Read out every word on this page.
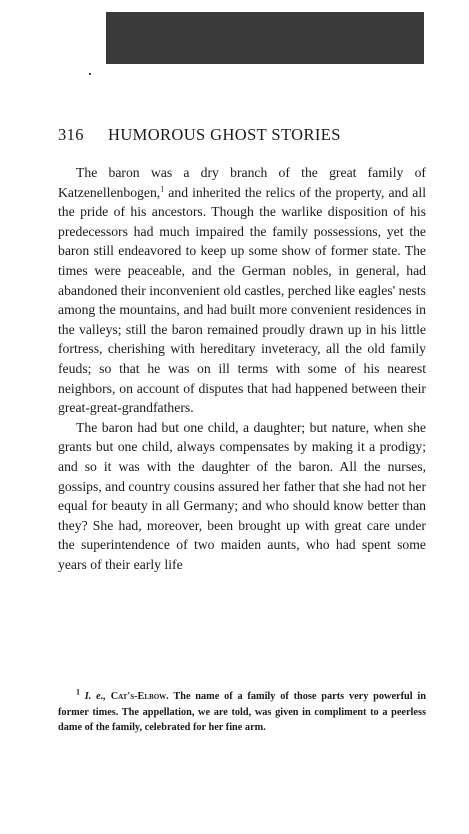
316 HUMOROUS GHOST STORIES

The baron was a dry branch of the great family of Katzenellenbogen,$^1$ and inherited the relics of the property, and all the pride of his ancestors. Though the warlike disposition of his predecessors had much impaired the family possessions, yet the baron still endeavored to keep up some show of former state. The times were peaceable, and the German nobles, in general, had abandoned their inconvenient old castles, perched like eagles' nests among the mountains, and had built more convenient residences in the valleys; still the baron remained proudly drawn up in his little fortress, cherishing with hereditary inveteracy, all the old family feuds; so that he was on ill terms with some of his nearest neighbors, on account of disputes that had happened between their great-great-grandfathers.

The baron had but one child, a daughter; but nature, when she grants but one child, always compensates by making it a prodigy; and so it was with the daughter of the baron. All the nurses, gossips, and country cousins assured her father that she had not her equal for beauty in all Germany; and who should know better than they? She had, moreover, been brought up with great care under the superintendence of two maiden aunts, who had spent some years of their early life

$^1$ I. e., Cat's-Elbow. The name of a family of those parts very powerful in former times. The appellation, we are told, was given in compliment to a peerless dame of the family, celebrated for her fine arm.
